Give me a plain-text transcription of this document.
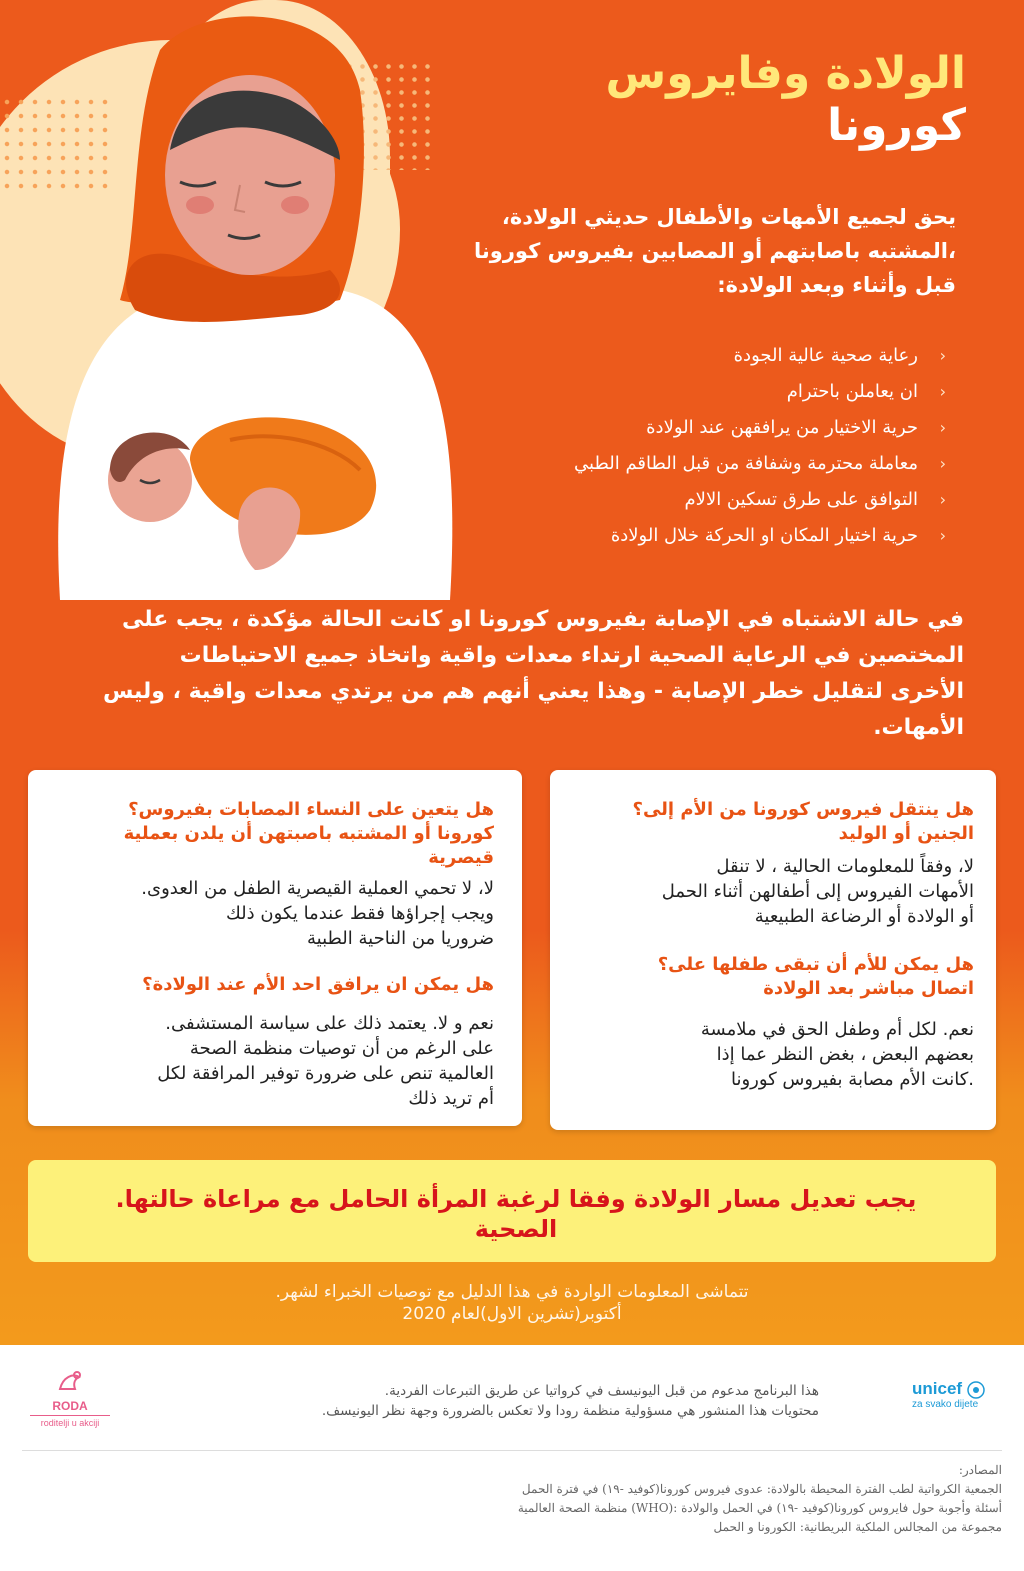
الولادة وفايروس
كورونا
يحق لجميع الأمهات والأطفال حديثي الولادة،
،المشتبه باصابتهم أو المصابين بفيروس كورونا
قبل وأثناء وبعد الولادة:
‹
رعاية صحية عالية الجودة
‹
ان يعاملن باحترام
‹
حرية الاختيار من يرافقهن عند الولادة
‹
معاملة محترمة وشفافة من قبل الطاقم الطبي
‹
التوافق على طرق تسكين الالام
‹
حرية اختيار المكان او الحركة خلال الولادة
في حالة الاشتباه في الإصابة بفيروس كورونا او كانت الحالة مؤكدة ، يجب على
المختصين في الرعاية الصحية ارتداء معدات واقية واتخاذ جميع الاحتياطات
الأخرى لتقليل خطر الإصابة - وهذا يعني أنهم هم من يرتدي معدات واقية ، وليس
الأمهات.
هل ينتقل فيروس كورونا من الأم إلى؟
الجنين أو الوليد
لا، وفقاً للمعلومات الحالية ، لا تنقل
الأمهات الفيروس إلى أطفالهن أثناء الحمل
أو الولادة أو الرضاعة الطبيعية
هل يمكن للأم أن تبقى طفلها على؟
اتصال مباشر بعد الولادة
نعم. لكل أم وطفل الحق في ملامسة
بعضهم البعض ، بغض النظر عما إذا
.كانت الأم مصابة بفيروس كورونا
هل يتعين على النساء المصابات بفيروس؟
كورونا أو المشتبه باصبتهن أن يلدن بعملية
قيصرية
لا، لا تحمي العملية القيصرية الطفل من العدوى.
ويجب إجراؤها فقط عندما يكون ذلك
ضروريا من الناحية الطبية
هل يمكن ان يرافق احد الأم عند الولادة؟
نعم و لا. يعتمد ذلك على سياسة المستشفى.
على الرغم من أن توصيات منظمة الصحة
العالمية تنص على ضرورة توفير المرافقة لكل
أم تريد ذلك
يجب تعديل مسار الولادة وفقا لرغبة المرأة الحامل مع مراعاة حالتها.
الصحية
تتماشى المعلومات الواردة في هذا الدليل مع توصيات الخبراء لشهر.
أكتوبر(تشرين الاول)لعام 2020
RODA
roditelji u akciji
هذا البرنامج مدعوم من قبل اليونيسف في كرواتيا عن طريق التبرعات الفردية.
محتويات هذا المنشور هي مسؤولية منظمة رودا ولا تعكس بالضرورة وجهة نظر اليونيسف.
unicef
za svako dijete
المصادر:
الجمعية الكرواتية لطب الفترة المحيطة بالولادة: عدوى فيروس كورونا(كوفيد -١٩) في فترة الحمل
أسئلة وأجوبة حول فايروس كورونا(كوفيد -١٩) في الحمل والولادة :(WHO) منظمة الصحة العالمية
مجموعة من المجالس الملكية البريطانية: الكورونا و الحمل
